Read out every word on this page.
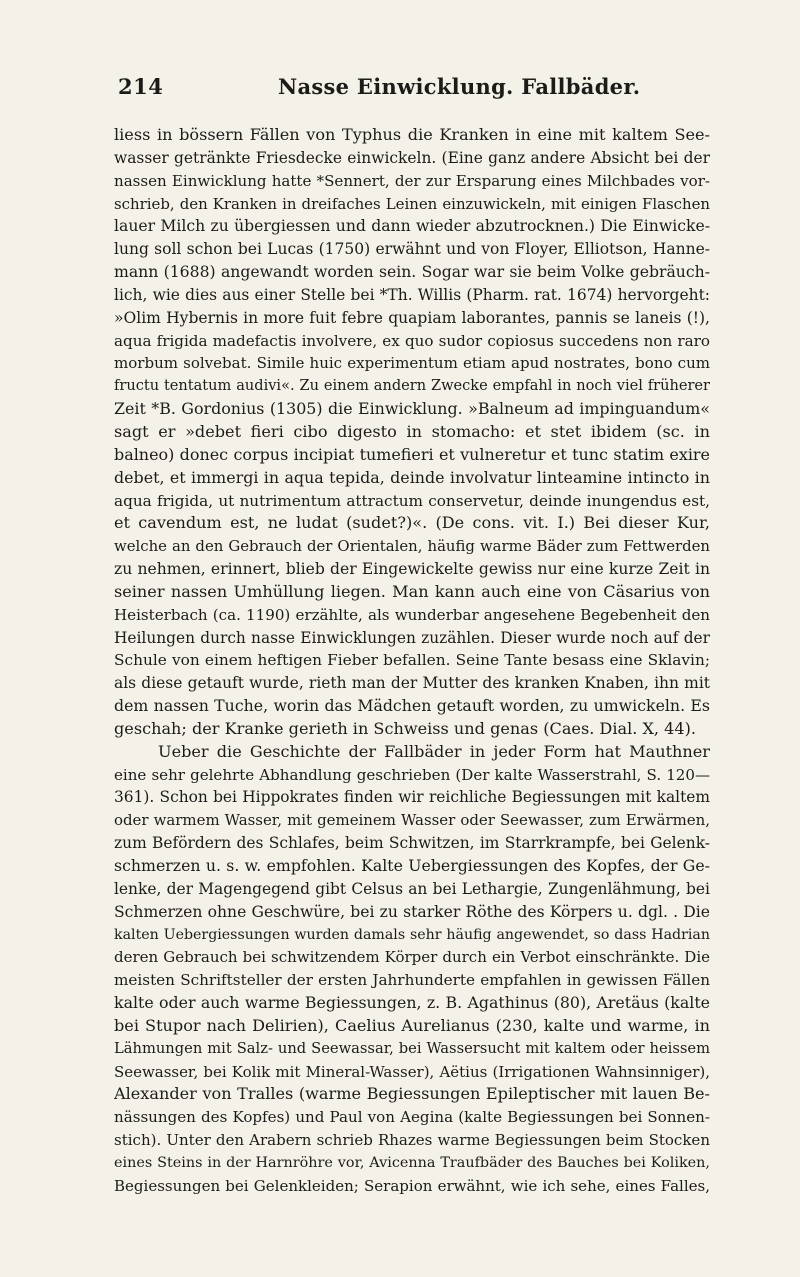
214	Nasse Einwicklung. Fallbäder.
liess in bössern Fällen von Typhus die Kranken in eine mit kaltem See-
wasser getränkte Friesdecke einwickeln. (Eine ganz andere Absicht bei der
nassen Einwicklung hatte *Sennert, der zur Ersparung eines Milchbades vor-
schrieb, den Kranken in dreifaches Leinen einzuwickeln, mit einigen Flaschen
lauer Milch zu übergiessen und dann wieder abzutrocknen.) Die Einwicke-
lung soll schon bei Lucas (1750) erwähnt und von Floyer, Elliotson, Hanne-
mann (1688) angewandt worden sein. Sogar war sie beim Volke gebräuch-
lich, wie dies aus einer Stelle bei *Th. Willis (Pharm. rat. 1674) hervorgeht:
»Olim Hybernis in more fuit febre quapiam laborantes, pannis se laneis (!),
aqua frigida madefactis involvere, ex quo sudor copiosus succedens non raro
morbum solvebat. Simile huic experimentum etiam apud nostrates, bono cum
fructu tentatum audivi«. Zu einem andern Zwecke empfahl in noch viel früherer
Zeit *B. Gordonius (1305) die Einwicklung. »Balneum ad impinguandum«
sagt er »debet fieri cibo digesto in stomacho: et stet ibidem (sc. in
balneo) donec corpus incipiat tumefieri et vulneretur et tunc statim exire
debet, et immergi in aqua tepida, deinde involvatur linteamine intincto in
aqua frigida, ut nutrimentum attractum conservetur, deinde inungendus est,
et cavendum est, ne ludat (sudet?)«. (De cons. vit. I.) Bei dieser Kur,
welche an den Gebrauch der Orientalen, häufig warme Bäder zum Fettwerden
zu nehmen, erinnert, blieb der Eingewickelte gewiss nur eine kurze Zeit in
seiner nassen Umhüllung liegen. Man kann auch eine von Cäsarius von
Heisterbach (ca. 1190) erzählte, als wunderbar angesehene Begebenheit den
Heilungen durch nasse Einwicklungen zuzählen. Dieser wurde noch auf der
Schule von einem heftigen Fieber befallen. Seine Tante besass eine Sklavin;
als diese getauft wurde, rieth man der Mutter des kranken Knaben, ihn mit
dem nassen Tuche, worin das Mädchen getauft worden, zu umwickeln. Es
geschah; der Kranke gerieth in Schweiss und genas (Caes. Dial. X, 44).
Ueber die Geschichte der Fallbäder in jeder Form hat Mauthner
eine sehr gelehrte Abhandlung geschrieben (Der kalte Wasserstrahl, S. 120—
361). Schon bei Hippokrates finden wir reichliche Begiessungen mit kaltem
oder warmem Wasser, mit gemeinem Wasser oder Seewasser, zum Erwärmen,
zum Befördern des Schlafes, beim Schwitzen, im Starrkrampfe, bei Gelenk-
schmerzen u. s. w. empfohlen. Kalte Uebergiessungen des Kopfes, der Ge-
lenke, der Magengegend gibt Celsus an bei Lethargie, Zungenlähmung, bei
Schmerzen ohne Geschwüre, bei zu starker Röthe des Körpers u. dgl. . Die
kalten Uebergiessungen wurden damals sehr häufig angewendet, so dass Hadrian
deren Gebrauch bei schwitzendem Körper durch ein Verbot einschränkte. Die
meisten Schriftsteller der ersten Jahrhunderte empfahlen in gewissen Fällen
kalte oder auch warme Begiessungen, z. B. Agathinus (80), Aretäus (kalte
bei Stupor nach Delirien), Caelius Aurelianus (230, kalte und warme, in
Lähmungen mit Salz- und Seewassar, bei Wassersucht mit kaltem oder heissem
Seewasser, bei Kolik mit Mineral-Wasser), Aëtius (Irrigationen Wahnsinniger),
Alexander von Tralles (warme Begiessungen Epileptischer mit lauen Be-
nässungen des Kopfes) und Paul von Aegina (kalte Begiessungen bei Sonnen-
stich). Unter den Arabern schrieb Rhazes warme Begiessungen beim Stocken
eines Steins in der Harnröhre vor, Avicenna Traufbäder des Bauches bei Koliken,
Begiessungen bei Gelenkleiden; Serapion erwähnt, wie ich sehe, eines Falles,
